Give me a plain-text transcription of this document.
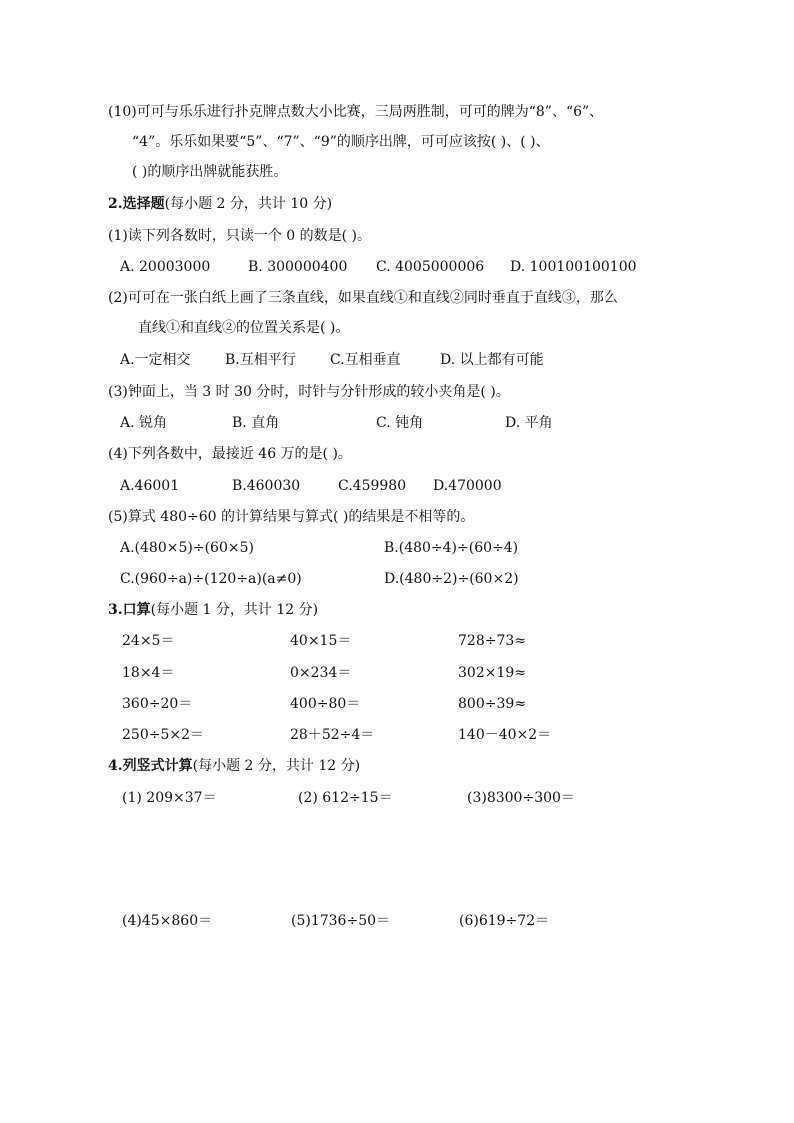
(10)可可与乐乐进行扑克牌点数大小比赛，三局两胜制，可可的牌为“8”、“6”、
“4”。乐乐如果要“5”、“7”、“9”的顺序出牌，可可应该按( )、( )、
( )的顺序出牌就能获胜。
2.选择题(每小题 2 分，共计 10 分)
(1)读下列各数时，只读一个 0 的数是( )。
A. 20003000	B. 300000400 C. 4005000006 D. 100100100100
(2)可可在一张白纸上画了三条直线，如果直线①和直线②同时垂直于直线③，那么
直线①和直线②的位置关系是( )。
A.一定相交 B.互相平行 C.互相垂直	D. 以上都有可能
(3)钟面上，当 3 时 30 分时，时针与分针形成的较小夹角是( )。
A. 锐角	B. 直角	C. 钝角	D. 平角
(4)下列各数中，最接近 46 万的是( )。
A.46001	B.460030	C.459980 D.470000
(5)算式 480÷60 的计算结果与算式( )的结果是不相等的。
A.(480×5)÷(60×5)	B.(480÷4)÷(60÷4)
C.(960÷a)÷(120÷a)(a≠0)	D.(480÷2)÷(60×2)
3.口算(每小题 1 分，共计 12 分)
24×5＝	40×15＝	728÷73≈
18×4＝	0×234＝	302×19≈
360÷20＝	400÷80＝	800÷39≈
250÷5×2＝	28＋52÷4＝	140－40×2＝
4.列竖式计算(每小题 2 分，共计 12 分)
(1) 209×37＝	(2) 612÷15＝	(3)8300÷300＝
(4)45×860＝	(5)1736÷50＝	(6)619÷72＝
